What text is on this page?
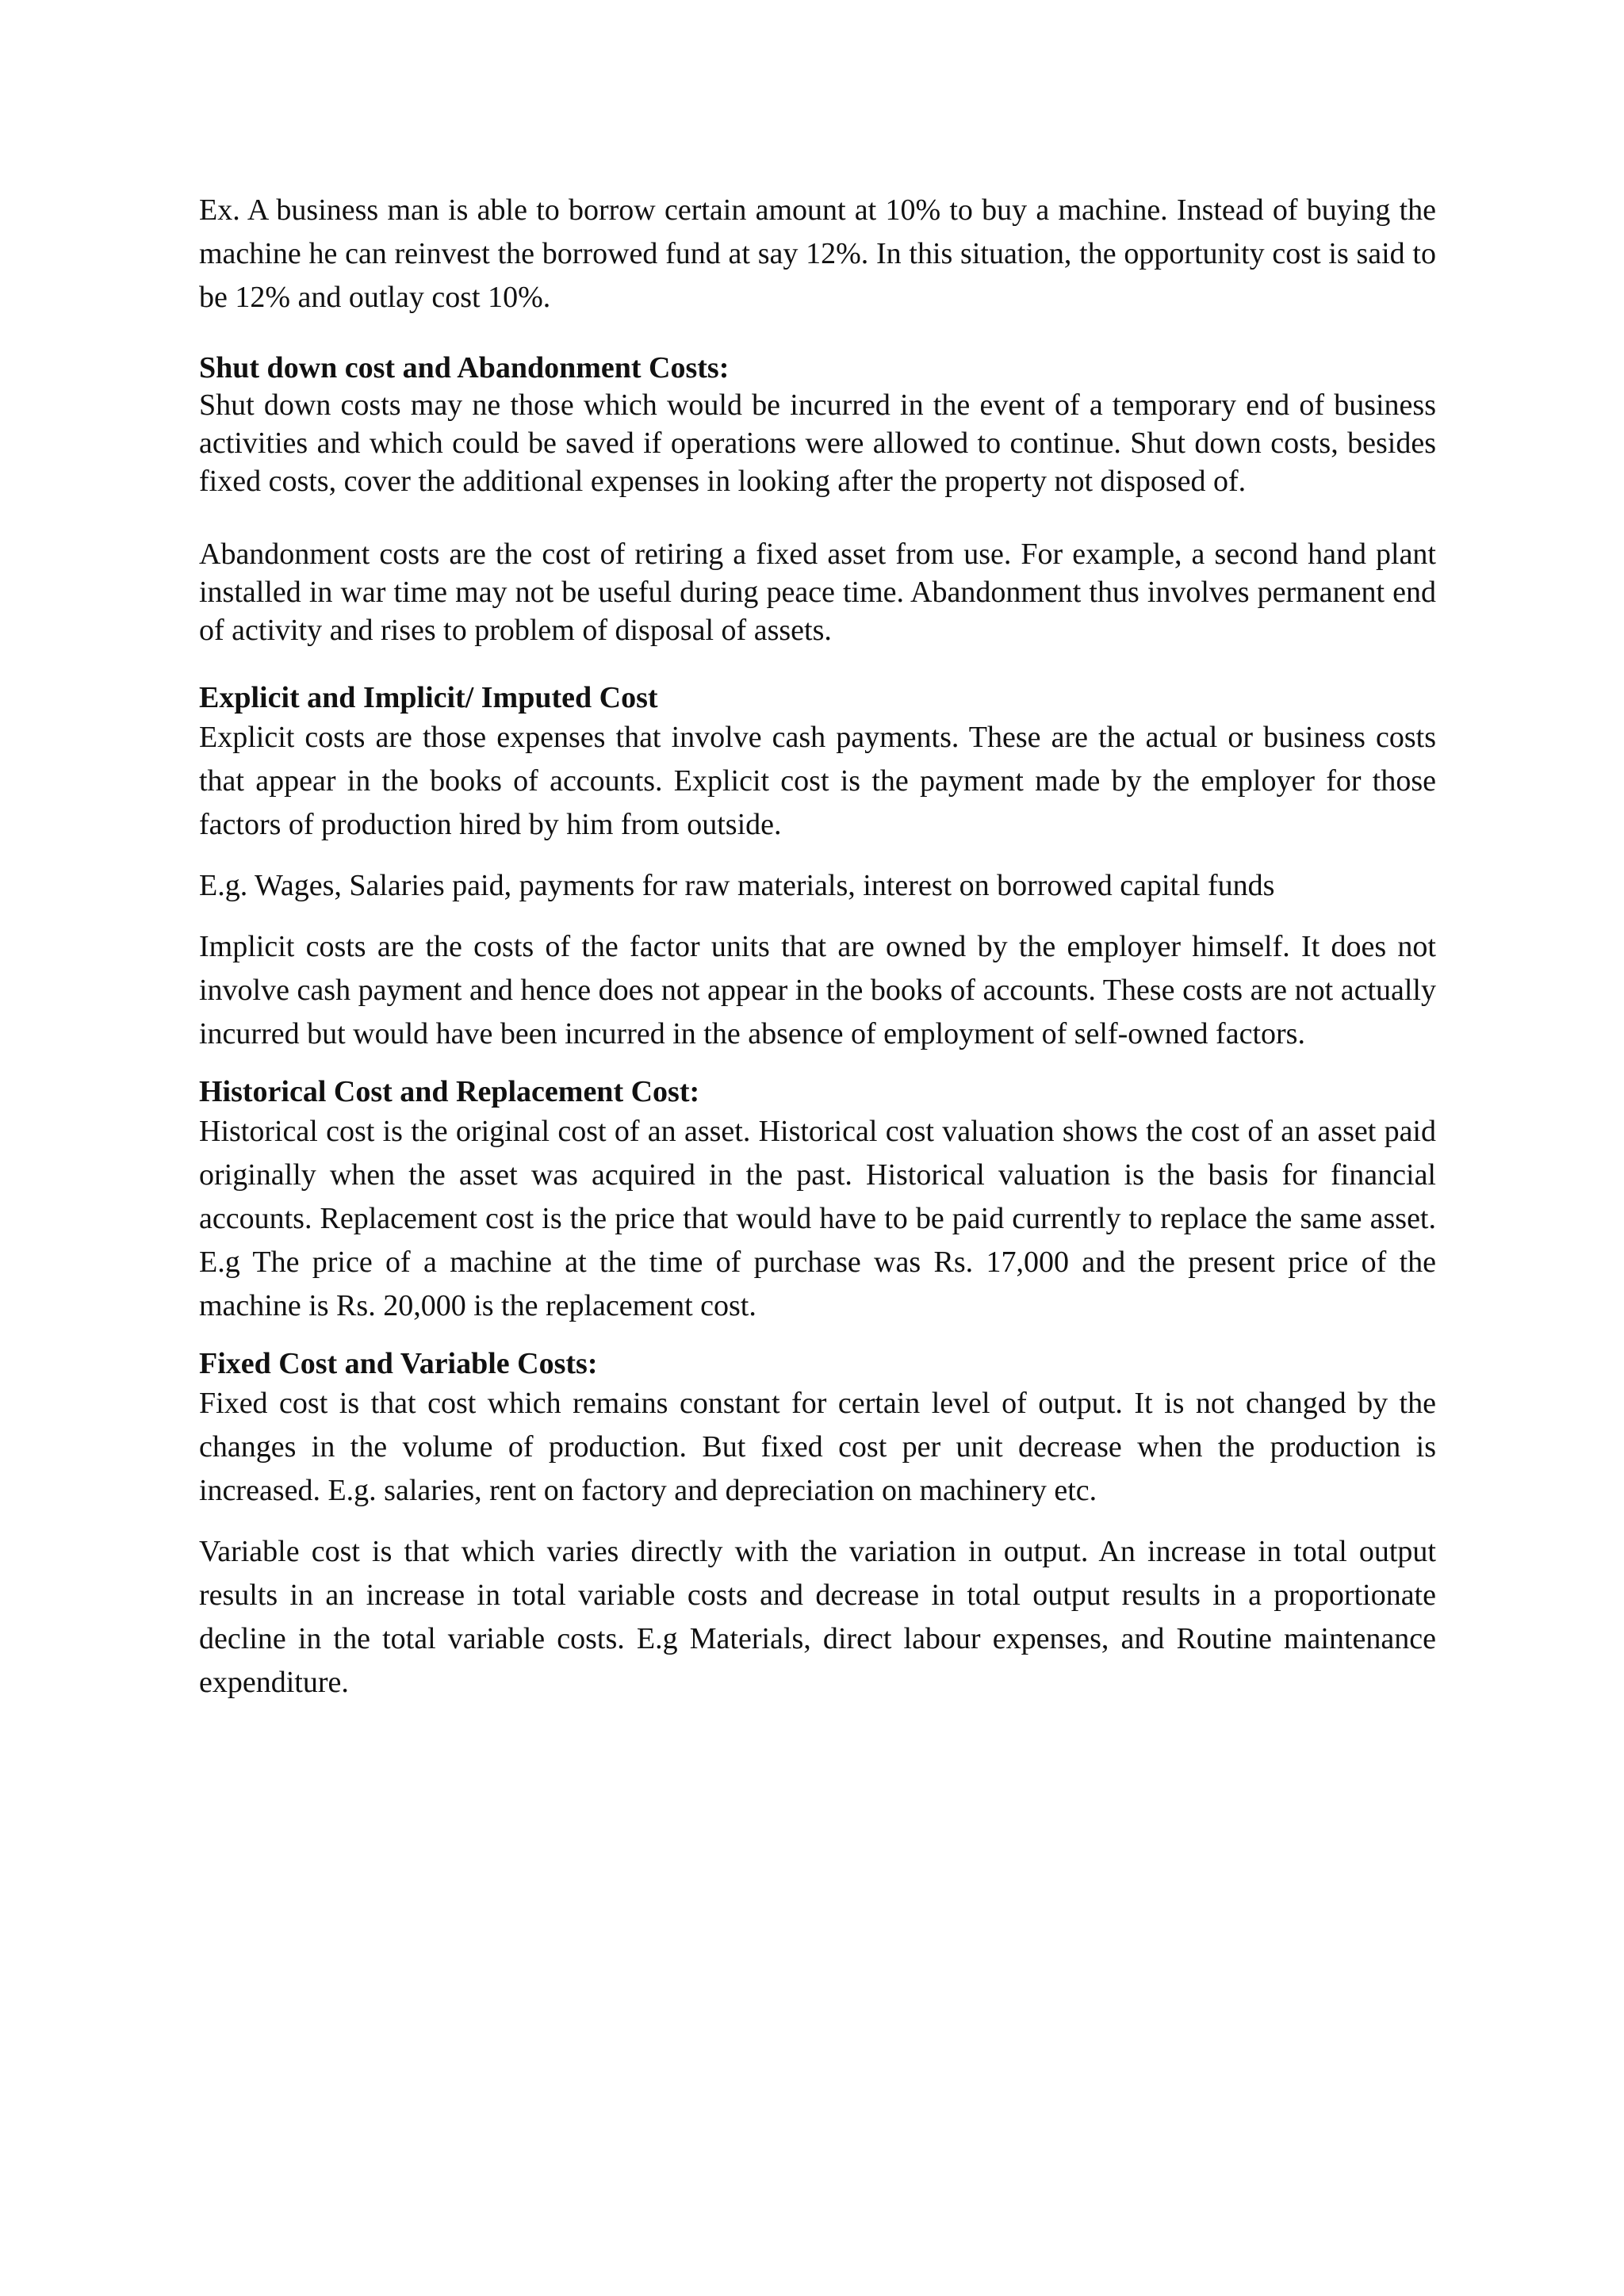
Ex. A business man is able to borrow certain amount at 10% to buy a machine. Instead of buying the machine he can reinvest the borrowed fund at say 12%. In this situation, the opportunity cost is said to be 12% and outlay cost 10%.

Shut down cost and Abandonment Costs:

Shut down costs may ne those which would be incurred in the event of a temporary end of business activities and which could be saved if operations were allowed to continue. Shut down costs, besides fixed costs, cover the additional expenses in looking after the property not disposed of.

Abandonment costs are the cost of retiring a fixed asset from use. For example, a second hand plant installed in war time may not be useful during peace time. Abandonment thus involves permanent end of activity and rises to problem of disposal of assets.

Explicit and Implicit/ Imputed Cost

Explicit costs are those expenses that involve cash payments. These are the actual or business costs that appear in the books of accounts. Explicit cost is the payment made by the employer for those factors of production hired by him from outside.

E.g. Wages, Salaries paid, payments for raw materials, interest on borrowed capital funds

Implicit costs are the costs of the factor units that are owned by the employer himself. It does not involve cash payment and hence does not appear in the books of accounts. These costs are not actually incurred but would have been incurred in the absence of employment of self-owned factors.

Historical Cost and Replacement Cost:

Historical cost is the original cost of an asset. Historical cost valuation shows the cost of an asset paid originally when the asset was acquired in the past. Historical valuation is the basis for financial accounts. Replacement cost is the price that would have to be paid currently to replace the same asset. E.g The price of a machine at the time of purchase was Rs. 17,000 and the present price of the machine is Rs. 20,000 is the replacement cost.

Fixed Cost and Variable Costs:

Fixed cost is that cost which remains constant for certain level of output. It is not changed by the changes in the volume of production. But fixed cost per unit decrease when the production is increased. E.g. salaries, rent on factory and depreciation on machinery etc.

Variable cost is that which varies directly with the variation in output. An increase in total output results in an increase in total variable costs and decrease in total output results in a proportionate decline in the total variable costs. E.g Materials, direct labour expenses, and Routine maintenance expenditure.
